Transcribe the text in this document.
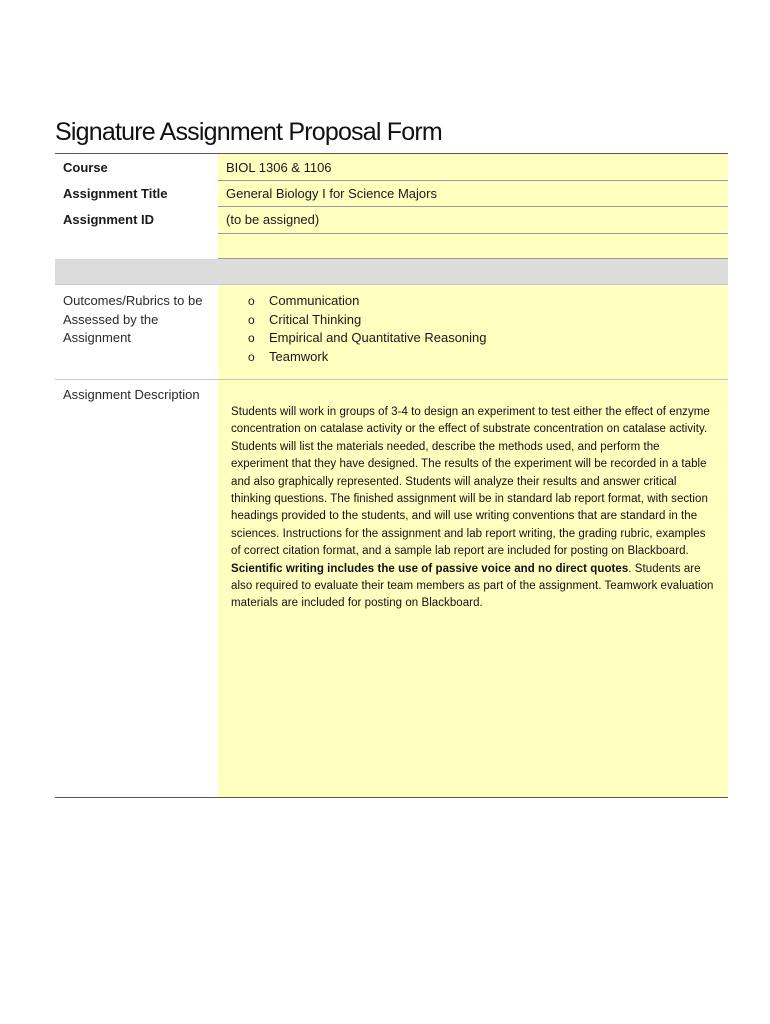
Signature Assignment Proposal Form
Course	BIOL 1306 & 1106
Assignment Title	General Biology I for Science Majors
Assignment ID	(to be assigned)
Outcomes/Rubrics to be Assessed by the Assignment
o	Communication
o	Critical Thinking
o	Empirical and Quantitative Reasoning
o	Teamwork
Assignment Description
Students will work in groups of 3-4 to design an experiment to test either the effect of enzyme concentration on catalase activity or the effect of substrate concentration on catalase activity. Students will list the materials needed, describe the methods used, and perform the experiment that they have designed. The results of the experiment will be recorded in a table and also graphically represented. Students will analyze their results and answer critical thinking questions. The finished assignment will be in standard lab report format, with section headings provided to the students, and will use writing conventions that are standard in the sciences. Instructions for the assignment and lab report writing, the grading rubric, examples of correct citation format, and a sample lab report are included for posting on Blackboard. Scientific writing includes the use of passive voice and no direct quotes. Students are also required to evaluate their team members as part of the assignment. Teamwork evaluation materials are included for posting on Blackboard.
